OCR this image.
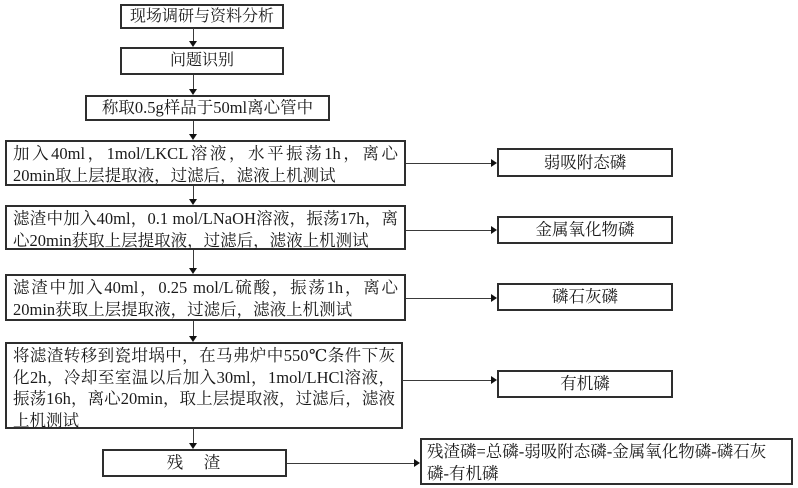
现场调研与资料分析
问题识别
称取0.5g样品于50ml离心管中
加入40ml，1mol/LKCL溶液，水平振荡1h，离心20min取上层提取液，过滤后，滤液上机测试
滤渣中加入40ml，0.1 mol/LNaOH溶液，振荡17h，离心20min获取上层提取液，过滤后，滤液上机测试
滤渣中加入40ml，0.25 mol/L硫酸，振荡1h，离心20min获取上层提取液，过滤后，滤液上机测试
将滤渣转移到瓷坩埚中，在马弗炉中550℃条件下灰化2h，冷却至室温以后加入30ml，1mol/LHCl溶液，振荡16h，离心20min，取上层提取液，过滤后，滤液上机测试
残　渣
残渣磷=总磷-弱吸附态磷-金属氧化物磷-磷石灰磷-有机磷
弱吸附态磷
金属氧化物磷
磷石灰磷
有机磷
